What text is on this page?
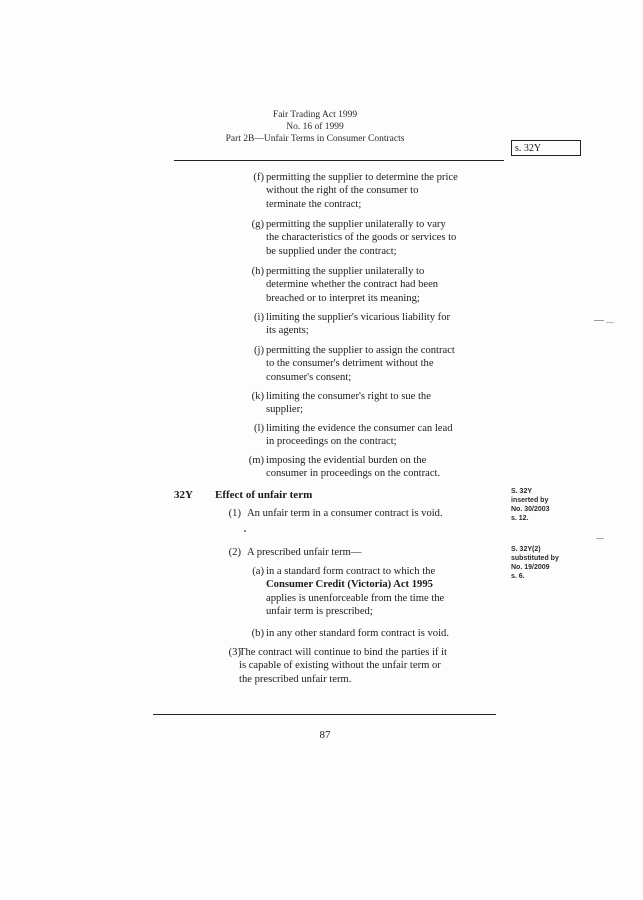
Fair Trading Act 1999
No. 16 of 1999
Part 2B—Unfair Terms in Consumer Contracts
s. 32Y
(f) permitting the supplier to determine the price
without the right of the consumer to
terminate the contract;
(g) permitting the supplier unilaterally to vary
the characteristics of the goods or services to
be supplied under the contract;
(h) permitting the supplier unilaterally to
determine whether the contract had been
breached or to interpret its meaning;
(i) limiting the supplier's vicarious liability for
its agents;
(j) permitting the supplier to assign the contract
to the consumer's detriment without the
consumer's consent;
(k) limiting the consumer's right to sue the
supplier;
(l) limiting the evidence the consumer can lead
in proceedings on the contract;
(m) imposing the evidential burden on the
consumer in proceedings on the contract.
32Y Effect of unfair term
(1) An unfair term in a consumer contract is void.
(2) A prescribed unfair term—
(a) in a standard form contract to which the
Consumer Credit (Victoria) Act 1995
applies is unenforceable from the time the
unfair term is prescribed;
(b) in any other standard form contract is void.
(3)
The contract will continue to bind the parties if it
is capable of existing without the unfair term or
the prescribed unfair term.
S. 32Y
inserted by
No. 30/2003
s. 12.
S. 32Y(2)
substituted by
No. 19/2009
s. 6.
87
